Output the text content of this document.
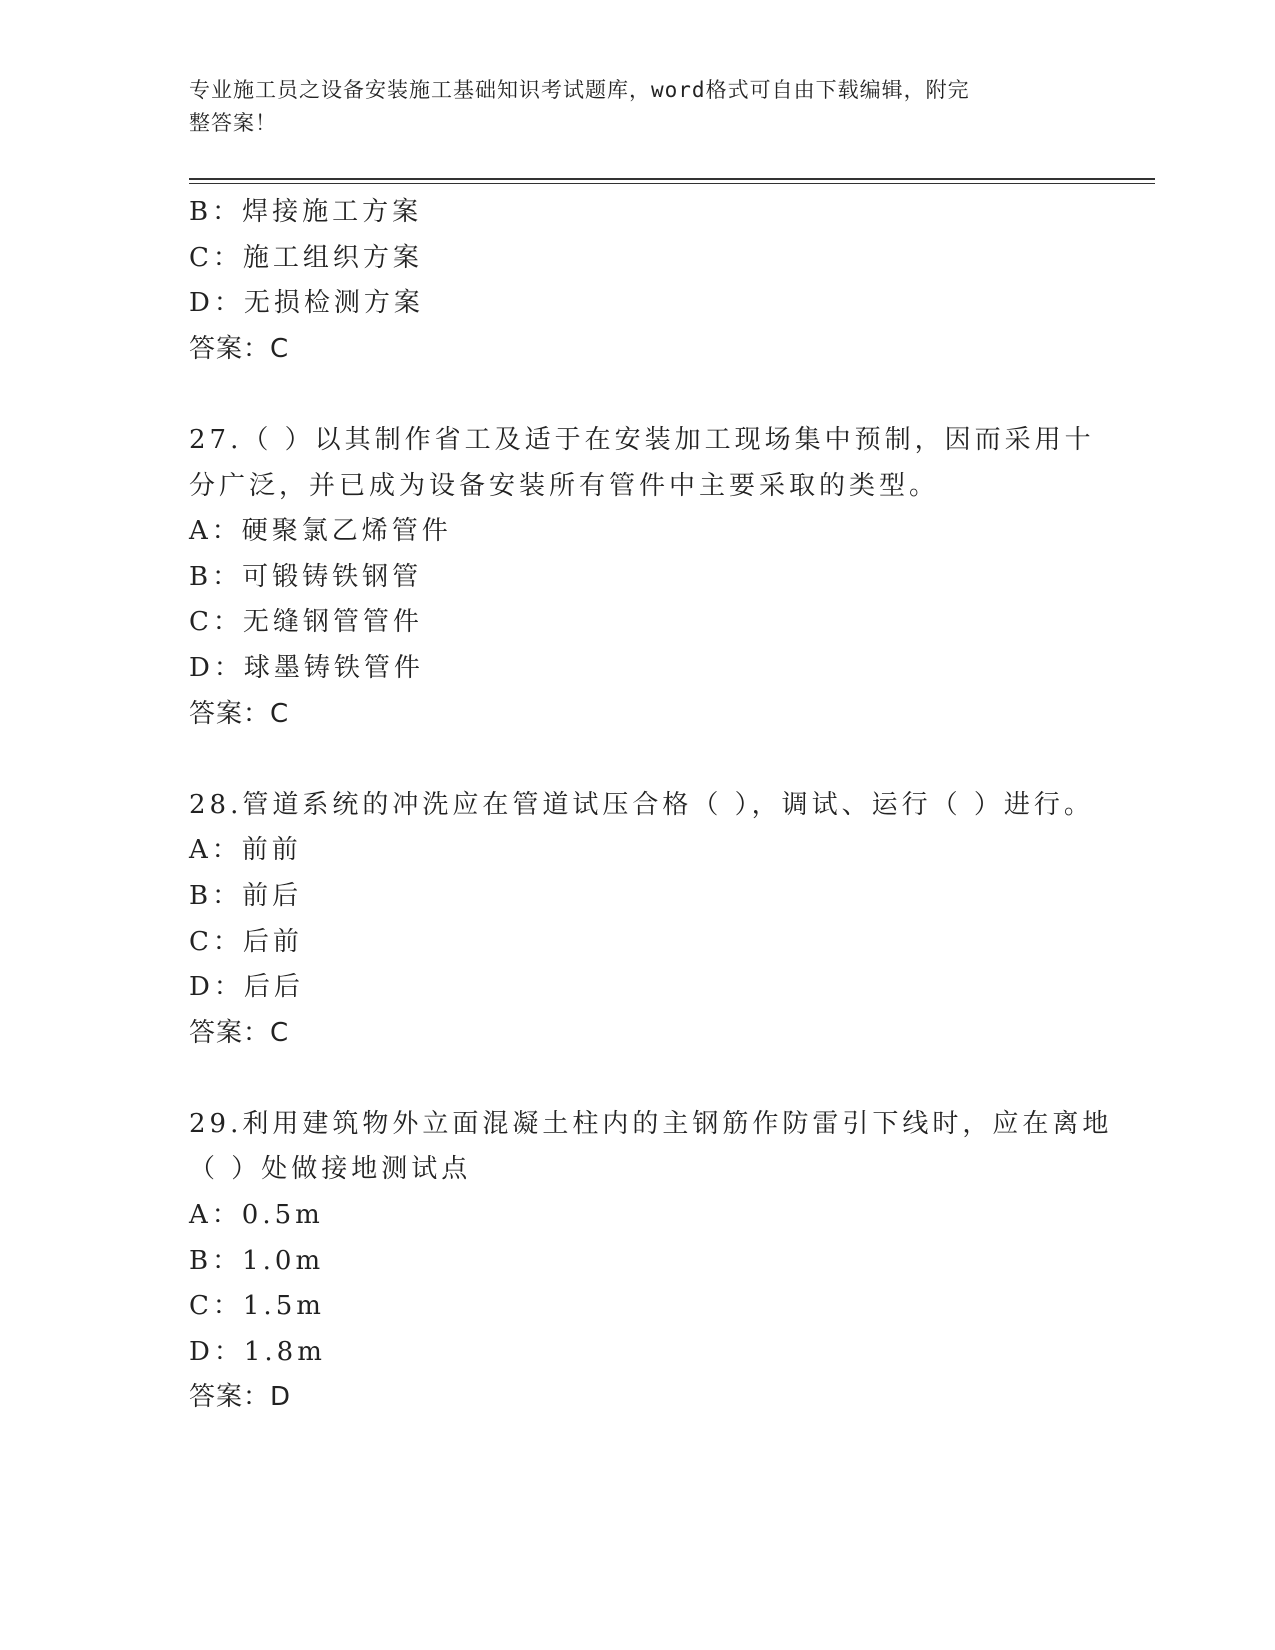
专业施工员之设备安装施工基础知识考试题库，word格式可自由下载编辑，附完
整答案！
B：焊接施工方案
C：施工组织方案
D：无损检测方案
答案：C
27.（ ）以其制作省工及适于在安装加工现场集中预制，因而采用十
分广泛，并已成为设备安装所有管件中主要采取的类型。
A：硬聚氯乙烯管件
B：可锻铸铁钢管
C：无缝钢管管件
D：球墨铸铁管件
答案：C
28.管道系统的冲洗应在管道试压合格（ ），调试、运行（ ）进行。
A：前前
B：前后
C：后前
D：后后
答案：C
29.利用建筑物外立面混凝土柱内的主钢筋作防雷引下线时，应在离地
（ ）处做接地测试点
A：0.5m
B：1.0m
C：1.5m
D：1.8m
答案：D
